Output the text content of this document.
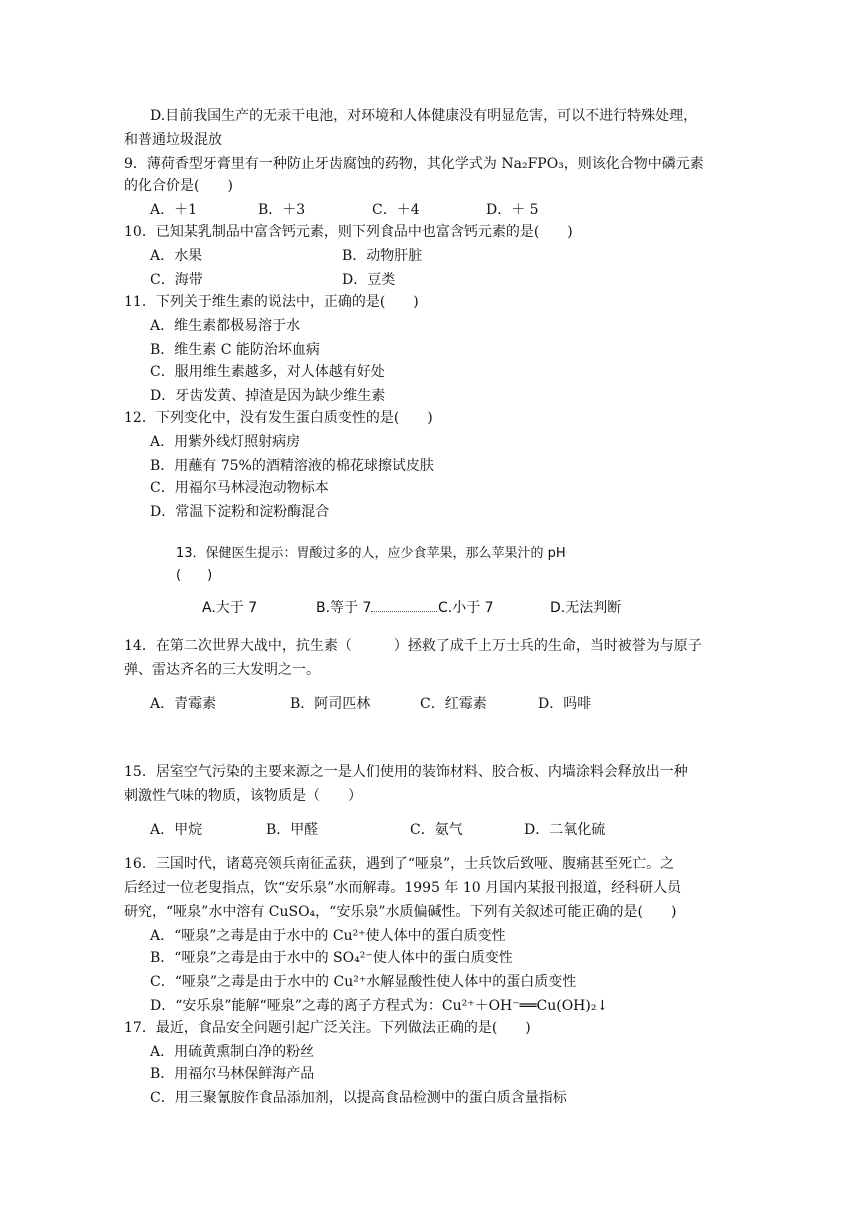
D.目前我国生产的无汞干电池，对环境和人体健康没有明显危害，可以不进行特殊处理，
和普通垃圾混放
9．薄荷香型牙膏里有一种防止牙齿腐蚀的药物，其化学式为 Na₂FPO₃，则该化合物中磷元素
的化合价是(　　)
A．＋1	B．＋3	C．＋4	D．＋ 5
10．已知某乳制品中富含钙元素，则下列食品中也富含钙元素的是(　　)
A．水果	B．动物肝脏
C．海带	D．豆类
11．下列关于维生素的说法中，正确的是(　　)
A．维生素都极易溶于水
B．维生素 C 能防治坏血病
C．服用维生素越多，对人体越有好处
D．牙齿发黄、掉渣是因为缺少维生素
12．下列变化中，没有发生蛋白质变性的是(　　)
A．用紫外线灯照射病房
B．用蘸有 75%的酒精溶液的棉花球擦试皮肤
C．用福尔马林浸泡动物标本
D．常温下淀粉和淀粉酶混合
13．保健医生提示：胃酸过多的人，应少食苹果，那么苹果汁的 pH
(　　)
A.大于 7	B.等于 7	C.小于 7	D.无法判断
14．在第二次世界大战中，抗生素（　　　）拯救了成千上万士兵的生命，当时被誉为与原子
弹、雷达齐名的三大发明之一。
A．青霉素	B．阿司匹林	C．红霉素	D．吗啡
15．居室空气污染的主要来源之一是人们使用的装饰材料、胶合板、内墙涂料会释放出一种
刺激性气味的物质，该物质是（　　）
A．甲烷	B．甲醛	C．氨气	D．二氧化硫
16．三国时代，诸葛亮领兵南征孟获，遇到了“哑泉”，士兵饮后致哑、腹痛甚至死亡。之
后经过一位老叟指点，饮“安乐泉”水而解毒。1995 年 10 月国内某报刊报道，经科研人员
研究，“哑泉”水中溶有 CuSO₄，“安乐泉”水质偏碱性。下列有关叙述可能正确的是(　　)
A．“哑泉”之毒是由于水中的 Cu²⁺使人体中的蛋白质变性
B．“哑泉”之毒是由于水中的 SO₄²⁻使人体中的蛋白质变性
C．“哑泉”之毒是由于水中的 Cu²⁺水解显酸性使人体中的蛋白质变性
D．“安乐泉”能解“哑泉”之毒的离子方程式为：Cu²⁺＋OH⁻══Cu(OH)₂↓
17．最近，食品安全问题引起广泛关注。下列做法正确的是(　　)
A．用硫黄熏制白净的粉丝
B．用福尔马林保鲜海产品
C．用三聚氰胺作食品添加剂，以提高食品检测中的蛋白质含量指标
